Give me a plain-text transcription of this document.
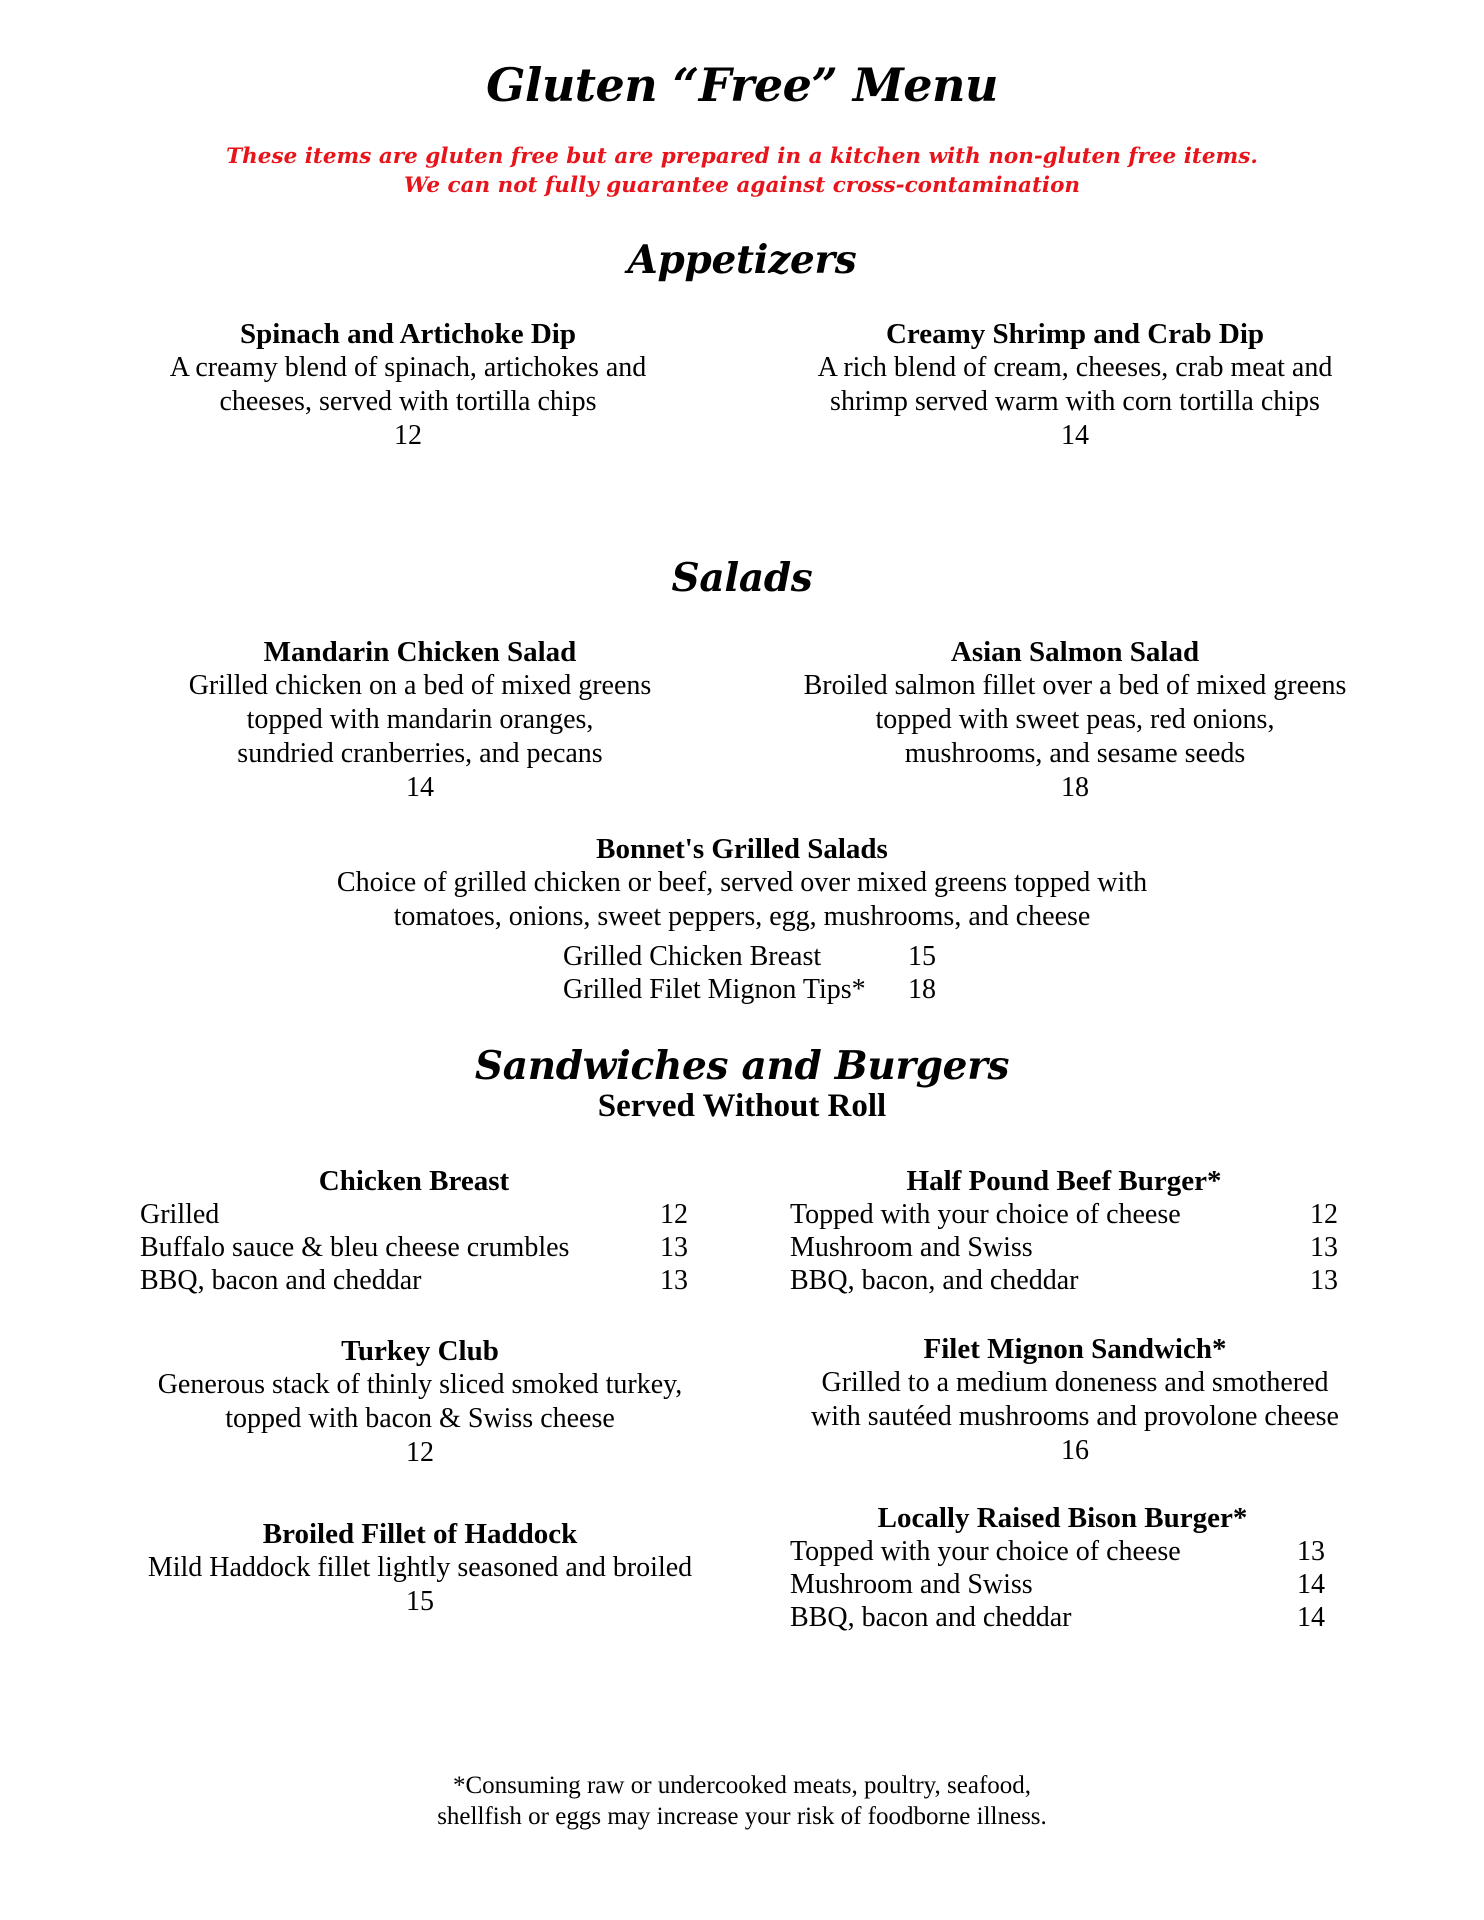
Gluten “Free” Menu
These items are gluten free but are prepared in a kitchen with non-gluten free items.
We can not fully guarantee against cross-contamination
Appetizers
Spinach and Artichoke Dip
A creamy blend of spinach, artichokes and
cheeses, served with tortilla chips
12
Creamy Shrimp and Crab Dip
A rich blend of cream, cheeses, crab meat and
shrimp served warm with corn tortilla chips
14
Salads
Mandarin Chicken Salad
Grilled chicken on a bed of mixed greens
topped with mandarin oranges,
sundried cranberries, and pecans
14
Asian Salmon Salad
Broiled salmon fillet over a bed of mixed greens
topped with sweet peas, red onions,
mushrooms, and sesame seeds
18
Bonnet's Grilled Salads
Choice of grilled chicken or beef, served over mixed greens topped with
tomatoes, onions, sweet peppers, egg, mushrooms, and cheese
Grilled Chicken Breast	15
Grilled Filet Mignon Tips*	18
Sandwiches and Burgers
Served Without Roll
Chicken Breast
Grilled	12
Buffalo sauce & bleu cheese crumbles	13
BBQ, bacon and cheddar	13
Half Pound Beef Burger*
Topped with your choice of cheese	12
Mushroom and Swiss	13
BBQ, bacon, and cheddar	13
Turkey Club
Generous stack of thinly sliced smoked turkey,
topped with bacon & Swiss cheese
12
Filet Mignon Sandwich*
Grilled to a medium doneness and smothered
with sautéed mushrooms and provolone cheese
16
Broiled Fillet of Haddock
Mild Haddock fillet lightly seasoned and broiled
15
Locally Raised Bison Burger*
Topped with your choice of cheese	13
Mushroom and Swiss	14
BBQ, bacon and cheddar	14
*Consuming raw or undercooked meats, poultry, seafood,
shellfish or eggs may increase your risk of foodborne illness.
